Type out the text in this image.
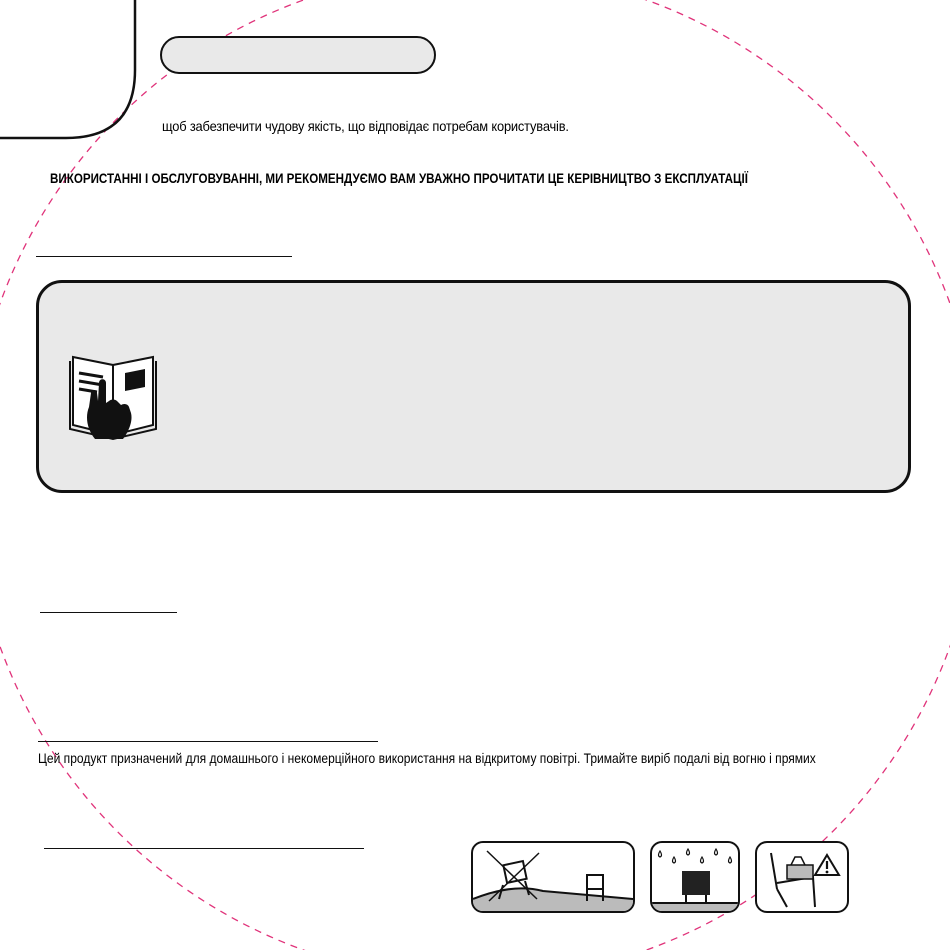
щоб забезпечити чудову якість, що відповідає потребам користувачів.
ВИКОРИСТАННІ І ОБСЛУГОВУВАННІ, МИ РЕКОМЕНДУЄМО ВАМ УВАЖНО ПРОЧИТАТИ ЦЕ КЕРІВНИЦТВО З ЕКСПЛУАТАЦІЇ
Цей продукт призначений для домашнього і некомерційного використання на відкритому повітрі. Тримайте виріб подалі від вогню і прямих
